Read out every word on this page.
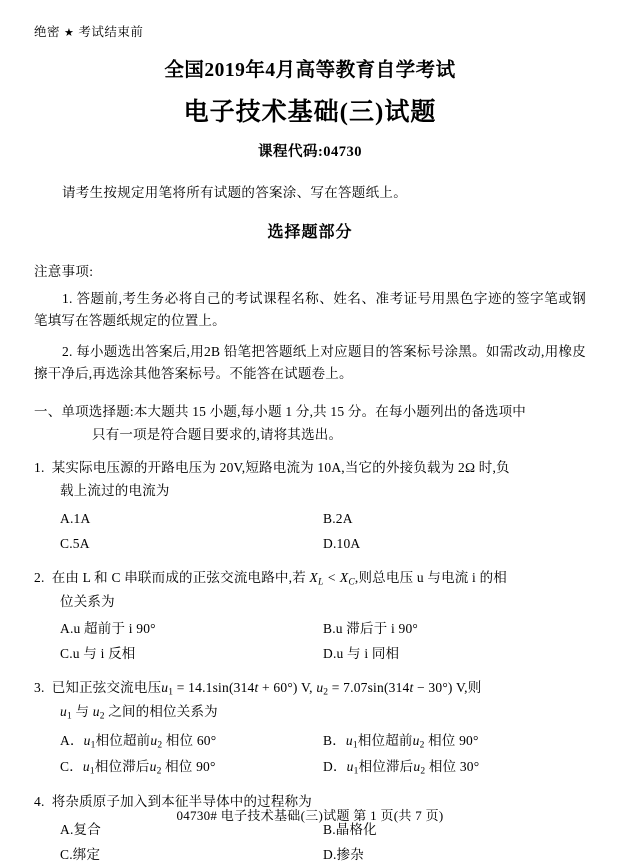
绝密 ★ 考试结束前
全国2019年4月高等教育自学考试
电子技术基础(三)试题
课程代码:04730
请考生按规定用笔将所有试题的答案涂、写在答题纸上。
选择题部分
注意事项:
1. 答题前,考生务必将自己的考试课程名称、姓名、准考证号用黑色字迹的签字笔或钢笔填写在答题纸规定的位置上。
2. 每小题选出答案后,用2B 铅笔把答题纸上对应题目的答案标号涂黑。如需改动,用橡皮擦干净后,再选涂其他答案标号。不能答在试题卷上。
一、单项选择题:本大题共 15 小题,每小题 1 分,共 15 分。在每小题列出的备选项中
只有一项是符合题目要求的,请将其选出。
1. 某实际电压源的开路电压为 20V,短路电流为 10A,当它的外接负载为 2Ω 时,负
载上流过的电流为
A.1A	B.2A
C.5A	D.10A
2. 在由 L 和 C 串联而成的正弦交流电路中,若 $X_L < X_C$,则总电压 u 与电流 i 的相
位关系为
A.u 超前于 i 90°	B.u 滞后于 i 90°
C.u 与 i 反相	D.u 与 i 同相
3. 已知正弦交流电压$u_1 = 14.1\sin(314t + 60^\circ)$ V, $u_2 = 7.07\sin(314t - 30^\circ)$ V,则
$u_1$ 与 $u_2$ 之间的相位关系为
A．$u_1$相位超前$u_2$ 相位 60°	B．$u_1$相位超前$u_2$ 相位 90°
C．$u_1$相位滞后$u_2$ 相位 90°	D．$u_1$相位滞后$u_2$ 相位 30°
4. 将杂质原子加入到本征半导体中的过程称为
A.复合	B.晶格化
C.绑定	D.掺杂
04730# 电子技术基础(三)试题 第 1 页(共 7 页)
